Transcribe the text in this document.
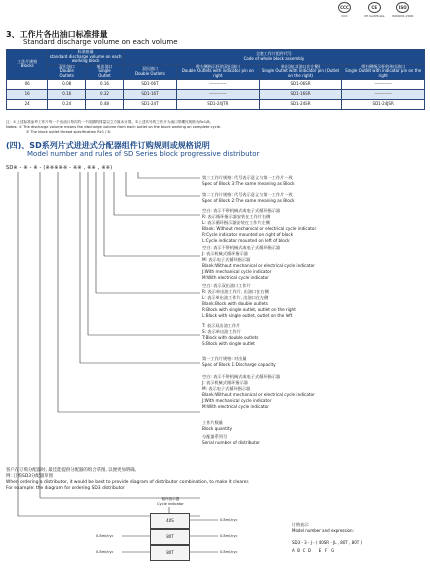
CCC
CCC
CE
CE Certificate
ISO
ISO9001:2000
3、工作片各出油口标准排量
Standard discharge volume on each volume
工作片规格
Blocks	标准排量
standard discharge volume on each working block		全套工作片组件代号
Code of whole block assembly			
	双出油口
Double
Outlets	单出油口
Single
Outlet	双出油口
Double Outlets	带右侧指示杆的双出油口
Double Outlets with indicator pin on right	单出油口(油口在左侧)
Single Outlet with indicator pin (Outlet on the right)	带右侧指示杆的单出油口
Single Outlet with indicator pin on the right
06	0.08	0.16	SD1-06T	------------	SD1-06SR	------------
16	0.16	0.32	SD1-16T	------------	SD1-16SR	------------
24	0.24	0.48	SD1-24T	SD1-24JTR	SD1-24SR	SD1-24JSR
注：①上述标准参考工作片每一个出油口每次的一个周期的排量以立方厘米计算。②上述代号的工作片为油口带螺纹规格为Rc1/8。
Notes: ① The discharge volume means the discharge volume from each outlet on the block working on complete cycle.
② The block outlet thread specification Rc1 / 8.
(四)、SD系列片式进进式分配器组件订购规则或规格说明
Model number and rules of SD Series block progressive distributor
SD※ - ※ - ※ - (※※※※※ - ※※ , ※※ , ※※)
第三工作片规格: 代号表示意义与第一工作片一致
Spec of Block 3:The same meaning as Block
第二工作片规格: 代号表示意义与第一工作片一致
Spec of Block 2:The same meaning as Block
空白: 表示不带机械式或电子式循环指示器
R: 表示循环指示器安装在工作片右侧
L: 表示循环指示器安装在工作片左侧
Blank: Without mechanical or electrical cycle indicator
R:Cycle indicator mounted on right of block
L:Cycle indicator mounted on left of block
空白: 表示不带机械式或电子式循环指示器
J: 表示机械式循环指示器
M: 表示电子式循环指示器
Blank:Without mechanical or electrical cycle indicator
J:With mechanical cycle indicator
M:With electrical cycle indicator
空白: 表示双出油口工作片
R: 表示单出油工作片, 出油口在右侧
L: 表示单出油工作片, 出油口在左侧
Blank:Block with double outlets
R:Block with single outlet, outlet on the right
L:Block with single outlet, outlet on the left
T: 表示双出油工作片
S: 表示单出油工作片
T:Block with double outlets
S:Block with single outlet
第一工作片规格: 对出量
Spec of Block 1:Discharge capacity
空白: 表示不带机械式或电子式循环指示器
J: 表示机械式循环指示器
M: 表示电子式循环指示器
Blank:Without mechanical or electrical cycle indicator
J:With mechanical cycle indicator
M:With electrical cycle indicator
工作片数量
Block quantity
分配器系列号
Serial number of distributor
客户在订购分配器时, 最佳能提供分配器的组合草图, 以便更加明确。
例: 订购SD3分配器草图
When ordering a distributor, it would be best to provide diagram of distributor combination, to make it clearer.
For example: the diagram for ordering SD3 distributor
循环指示器
Cycle indicator
40S
80T
80T
0.8ml/cyc
0.8ml/cyc
0.8ml/cyc
0.8ml/cyc
0.8ml/cyc
订购表示:
Model number and expression:
SD3 - 3 - J - ( 40SR - JL , 80T , 80T )
A  B  C  D      E   F   G
